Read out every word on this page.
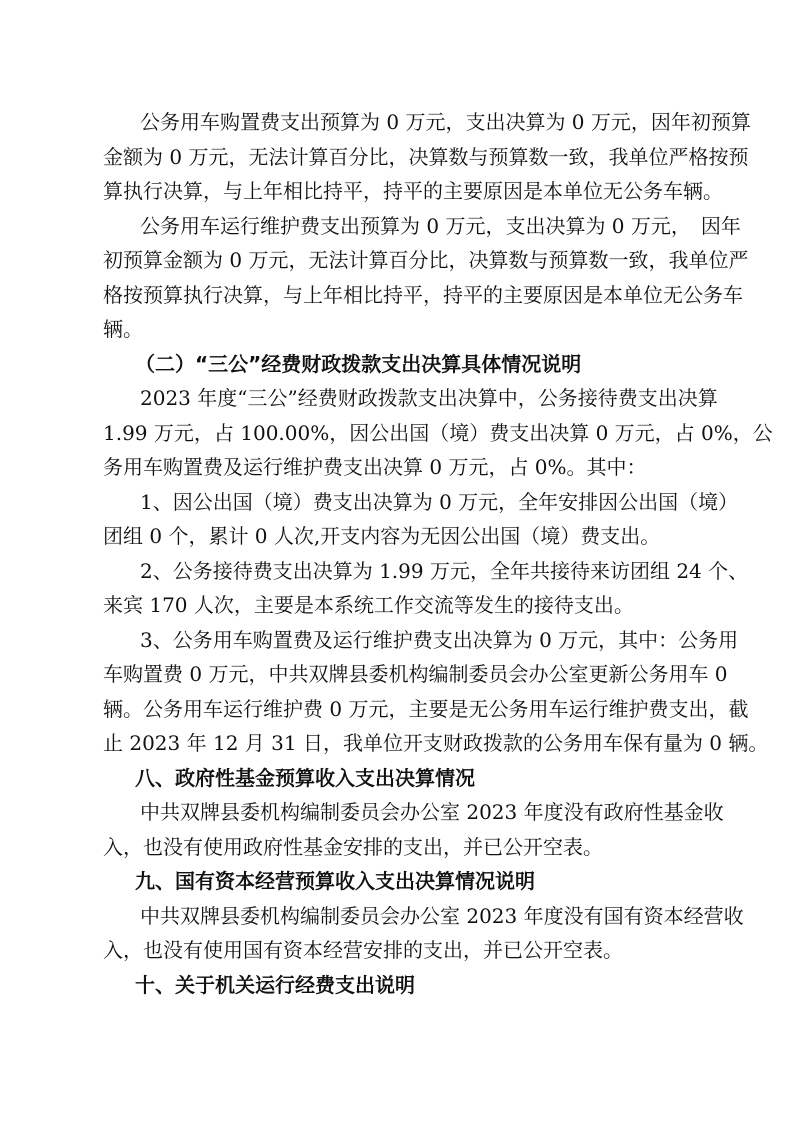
公务用车购置费支出预算为 0 万元，支出决算为 0 万元，因年初预算
金额为 0 万元，无法计算百分比，决算数与预算数一致，我单位严格按预
算执行决算，与上年相比持平，持平的主要原因是本单位无公务车辆。
公务用车运行维护费支出预算为 0 万元，支出决算为 0 万元，　因年
初预算金额为 0 万元，无法计算百分比，决算数与预算数一致，我单位严
格按预算执行决算，与上年相比持平，持平的主要原因是本单位无公务车
辆。
（二）“三公”经费财政拨款支出决算具体情况说明
2023 年度“三公”经费财政拨款支出决算中，公务接待费支出决算
1.99 万元，占 100.00%，因公出国（境）费支出决算 0 万元，占 0%，公
务用车购置费及运行维护费支出决算 0 万元，占 0%。其中：
1、因公出国（境）费支出决算为 0 万元，全年安排因公出国（境）
团组 0 个，累计 0 人次,开支内容为无因公出国（境）费支出。
2、公务接待费支出决算为 1.99 万元，全年共接待来访团组 24 个、
来宾 170 人次，主要是本系统工作交流等发生的接待支出。
3、公务用车购置费及运行维护费支出决算为 0 万元，其中：公务用
车购置费 0 万元，中共双牌县委机构编制委员会办公室更新公务用车 0
辆。公务用车运行维护费 0 万元，主要是无公务用车运行维护费支出，截
止 2023 年 12 月 31 日，我单位开支财政拨款的公务用车保有量为 0 辆。
八、政府性基金预算收入支出决算情况
中共双牌县委机构编制委员会办公室 2023 年度没有政府性基金收
入，也没有使用政府性基金安排的支出，并已公开空表。
九、国有资本经营预算收入支出决算情况说明
中共双牌县委机构编制委员会办公室 2023 年度没有国有资本经营收
入，也没有使用国有资本经营安排的支出，并已公开空表。
十、关于机关运行经费支出说明
